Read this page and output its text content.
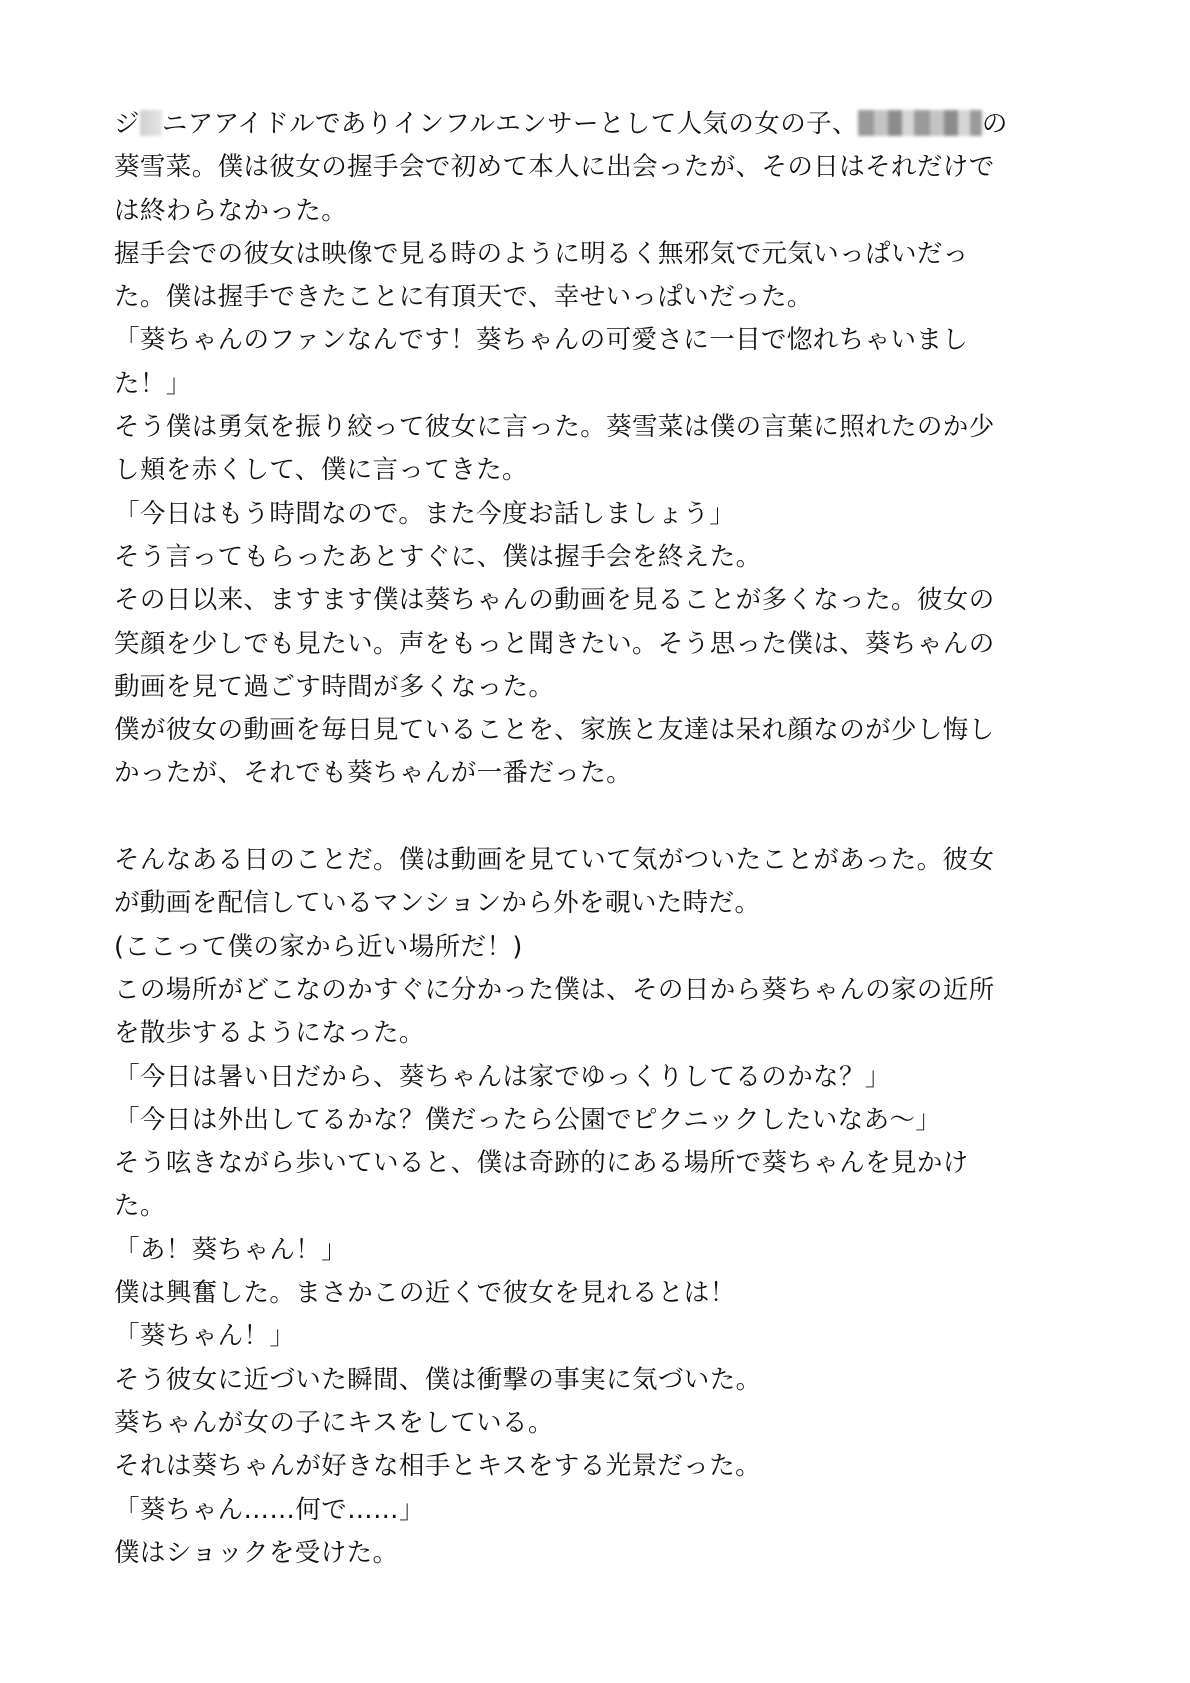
ジ ニアアイドルでありインフルエンサーとして人気の女の子、	の
葵雪菜。僕は彼女の握手会で初めて本人に出会ったが、その日はそれだけで
は終わらなかった。
握手会での彼女は映像で見る時のように明るく無邪気で元気いっぱいだっ
た。僕は握手できたことに有頂天で、幸せいっぱいだった。
「葵ちゃんのファンなんです！葵ちゃんの可愛さに一目で惚れちゃいまし
た！」
そう僕は勇気を振り絞って彼女に言った。葵雪菜は僕の言葉に照れたのか少
し頬を赤くして、僕に言ってきた。
「今日はもう時間なので。また今度お話しましょう」
そう言ってもらったあとすぐに、僕は握手会を終えた。
その日以来、ますます僕は葵ちゃんの動画を見ることが多くなった。彼女の
笑顔を少しでも見たい。声をもっと聞きたい。そう思った僕は、葵ちゃんの
動画を見て過ごす時間が多くなった。
僕が彼女の動画を毎日見ていることを、家族と友達は呆れ顔なのが少し悔し
かったが、それでも葵ちゃんが一番だった。
そんなある日のことだ。僕は動画を見ていて気がついたことがあった。彼女
が動画を配信しているマンションから外を覗いた時だ。
(ここって僕の家から近い場所だ！)
この場所がどこなのかすぐに分かった僕は、その日から葵ちゃんの家の近所
を散歩するようになった。
「今日は暑い日だから、葵ちゃんは家でゆっくりしてるのかな？」
「今日は外出してるかな？僕だったら公園でピクニックしたいなあ〜」
そう呟きながら歩いていると、僕は奇跡的にある場所で葵ちゃんを見かけ
た。
「あ！葵ちゃん！」
僕は興奮した。まさかこの近くで彼女を見れるとは！
「葵ちゃん！」
そう彼女に近づいた瞬間、僕は衝撃の事実に気づいた。
葵ちゃんが女の子にキスをしている。
それは葵ちゃんが好きな相手とキスをする光景だった。
「葵ちゃん……何で……」
僕はショックを受けた。
